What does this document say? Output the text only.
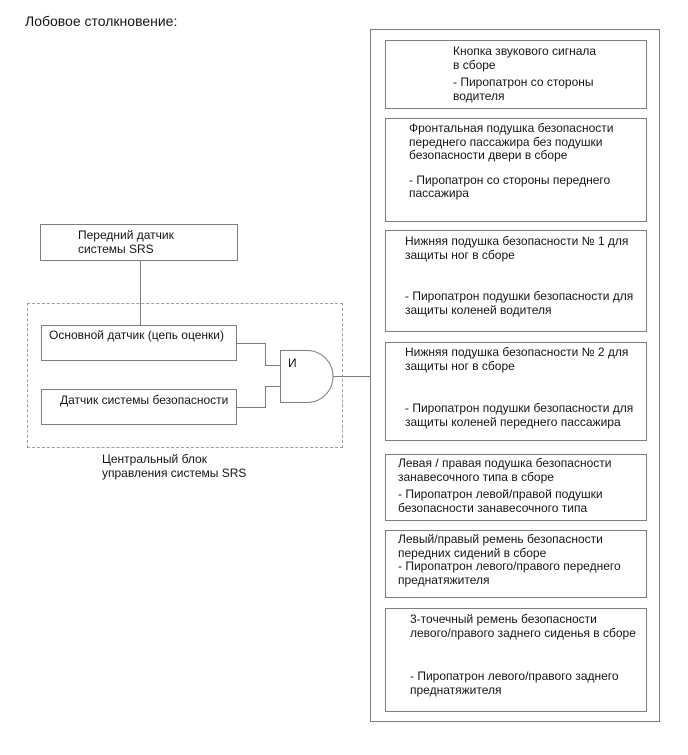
Лобовое столкновение:
Передний датчик
системы SRS
Основной датчик (цепь оценки)
Датчик системы безопасности
И
Центральный блок
управления системы SRS
Кнопка звукового сигнала
в сборе
- Пиропатрон со стороны
водителя
Фронтальная подушка безопасности
переднего пассажира без подушки
безопасности двери в сборе
- Пиропатрон со стороны переднего
пассажира
Нижняя подушка безопасности № 1 для
защиты ног в сборе
- Пиропатрон подушки безопасности для
защиты коленей водителя
Нижняя подушка безопасности № 2 для
защиты ног в сборе
- Пиропатрон подушки безопасности для
защиты коленей переднего пассажира
Левая / правая подушка безопасности
занавесочного типа в сборе
- Пиропатрон левой/правой подушки
безопасности занавесочного типа
Левый/правый ремень безопасности
передних сидений в сборе
- Пиропатрон левого/правого переднего
преднатяжителя
3-точечный ремень безопасности
левого/правого заднего сиденья в сборе
- Пиропатрон левого/правого заднего
преднатяжителя
